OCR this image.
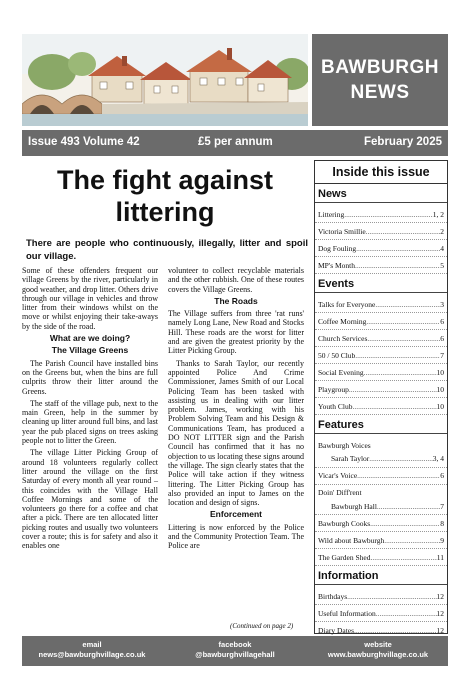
BAWBURGH
NEWS
Issue 493 Volume 42	£5 per annum	February 2025
The fight against
littering
There are people who continuously, illegally, litter and spoil our village.

Some of these offenders frequent our village Greens by the river, particularly in good weather, and drop litter. Others drive through our village in vehicles and throw litter from their windows whilst on the move or whilst enjoying their take-aways by the side of the road.

What are we doing?
The Village Greens

The Parish Council have installed bins on the Greens but, when the bins are full culprits throw their litter around the Greens.

The staff of the village pub, next to the main Green, help in the summer by cleaning up litter around full bins, and last year the pub placed signs on trees asking people not to litter the Green.

The village Litter Picking Group of around 18 volunteers regularly collect litter around the village on the first Saturday of every month all year round – this coincides with the Village Hall Coffee Mornings and some of the volunteers go there for a coffee and chat after a pick. There are ten allocated litter picking routes and usually two volunteers cover a route; this is for safety and also it enables one

volunteer to collect recyclable materials and the other rubbish. One of these routes covers the Village Greens.

The Roads

The Village suffers from three 'rat runs' namely Long Lane, New Road and Stocks Hill. These roads are the worst for litter and are given the greatest priority by the Litter Picking Group.

Thanks to Sarah Taylor, our recently appointed Police And Crime Commissioner, James Smith of our Local Policing Team has been tasked with assisting us in dealing with our litter problem. James, working with his Problem Solving Team and his Design & Communications Team, has produced a DO NOT LITTER sign and the Parish Council has confirmed that it has no objection to us locating these signs around the village. The sign clearly states that the Police will take action if they witness littering. The Litter Picking Group has also provided an input to James on the location and design of signs.

Enforcement

Littering is now enforced by the Police and the Community Protection Team. The Police are

(Continued on page 2)
Inside this issue
News
Littering .....	1, 2
Victoria Smillie .....	2
Dog Fouling .....	4
MP's Month .....	5
Events
Talks for Everyone .....	3
Coffee Morning .....	6
Church Services .....	6
50 / 50 Club .....	7
Social Evening .....	10
Playgroup .....	10
Youth Club .....	10
Features
Bawburgh Voices
Sarah Taylor .....	3, 4
Vicar's Voice .....	6
Doin' Diff'rent
Bawburgh Hall .....	7
Bawburgh Cooks .....	8
Wild about Bawburgh .....	9
The Garden Shed .....	11
Information
Birthdays .....	12
Useful Information .....	12
Diary Dates .....	12
email
news@bawburghvillage.co.uk
facebook
@bawburghvillagehall
website
www.bawburghvillage.co.uk
